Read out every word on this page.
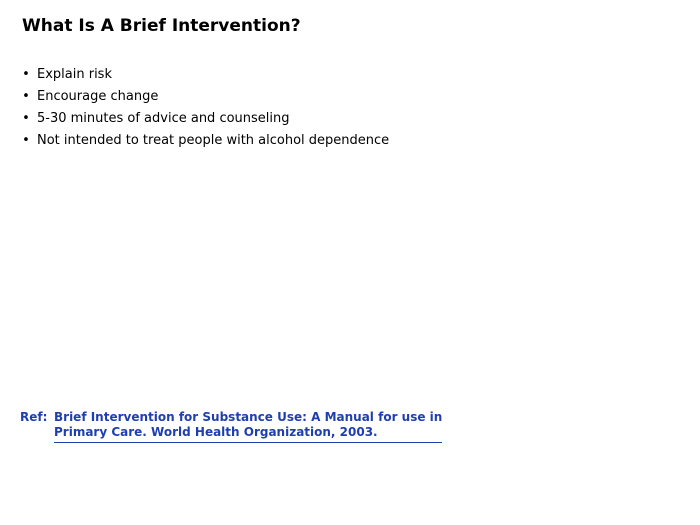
What Is A Brief Intervention?
• Explain risk
• Encourage change
• 5-30 minutes of advice and counseling
• Not intended to treat people with alcohol dependence
Ref: Brief Intervention for Substance Use: A Manual for use in
Primary Care. World Health Organization, 2003.
